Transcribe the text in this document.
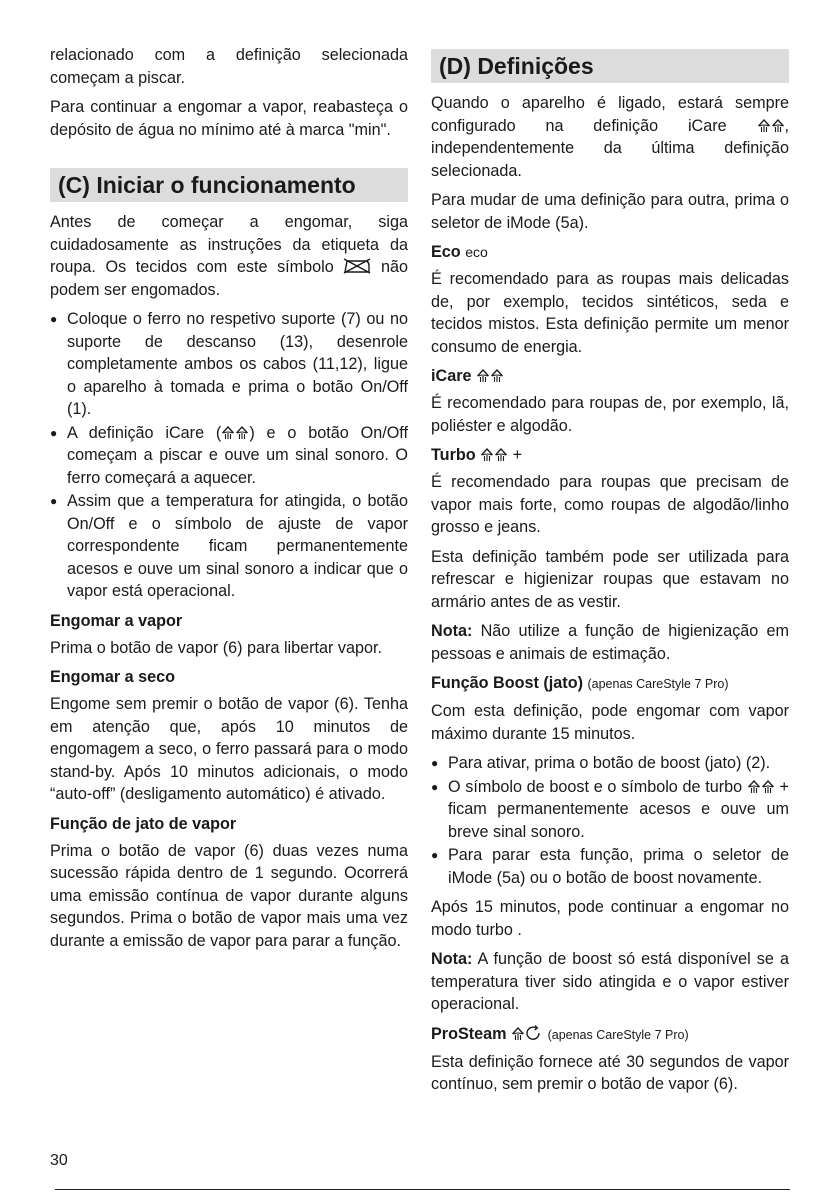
relacionado com a definição selecionada começam a piscar.

Para continuar a engomar a vapor, reabasteça o depósito de água no mínimo até à marca "min".

(C) Iniciar o funcionamento

Antes de começar a engomar, siga cuidadosamente as instruções da etiqueta da roupa. Os tecidos com este símbolo	não podem ser engomados.

● Coloque o ferro no respetivo suporte (7) ou no suporte de descanso (13), desenrole completamente ambos os cabos (11,12), ligue o aparelho à tomada e prima o botão On/Off (1).
● A definição iCare ( ) e o botão On/Off começam a piscar e ouve um sinal sonoro. O ferro começará a aquecer.
● Assim que a temperatura for atingida, o botão On/Off e o símbolo de ajuste de vapor correspondente ficam permanentemente acesos e ouve um sinal sonoro a indicar que o vapor está operacional.
Engomar a vapor

Prima o botão de vapor (6) para libertar vapor.

Engomar a seco

Engome sem premir o botão de vapor (6). Tenha em atenção que, após 10 minutos de engomagem a seco, o ferro passará para o modo stand-by. Após 10 minutos adicionais, o modo “auto-off” (desligamento automático) é ativado.

Função de jato de vapor

Prima o botão de vapor (6) duas vezes numa sucessão rápida dentro de 1 segundo. Ocorrerá uma emissão contínua de vapor durante alguns segundos. Prima o botão de vapor mais uma vez durante a emissão de vapor para parar a função.

(D) Definições

Quando o aparelho é ligado, estará sempre configurado na definição iCare	, independentemente da última definição selecionada.

Para mudar de uma definição para outra, prima o seletor de iMode (5a).

Eco eco

É recomendado para as roupas mais delicadas de, por exemplo, tecidos sintéticos, seda e tecidos mistos. Esta definição permite um menor consumo de energia.

iCare

É recomendado para roupas de, por exemplo, lã, poliéster e algodão.

Turbo +

É recomendado para roupas que precisam de vapor mais forte, como roupas de algodão/linho grosso e jeans.

Esta definição também pode ser utilizada para refrescar e higienizar roupas que estavam no armário antes de as vestir.

Nota: Não utilize a função de higienização em pessoas e animais de estimação.

Função Boost (jato) (apenas CareStyle 7 Pro)

Com esta definição, pode engomar com vapor máximo durante 15 minutos.

● Para ativar, prima o botão de boost (jato) (2).
● O símbolo de boost e o símbolo de turbo + ficam permanentemente acesos e ouve um breve sinal sonoro.
● Para parar esta função, prima o seletor de iMode (5a) ou o botão de boost novamente.

Após 15 minutos, pode continuar a engomar no modo turbo .

Nota: A função de boost só está disponível se a temperatura tiver sido atingida e o vapor estiver operacional.

ProSteam	(apenas CareStyle 7 Pro)

Esta definição fornece até 30 segundos de vapor contínuo, sem premir o botão de vapor (6).

30
